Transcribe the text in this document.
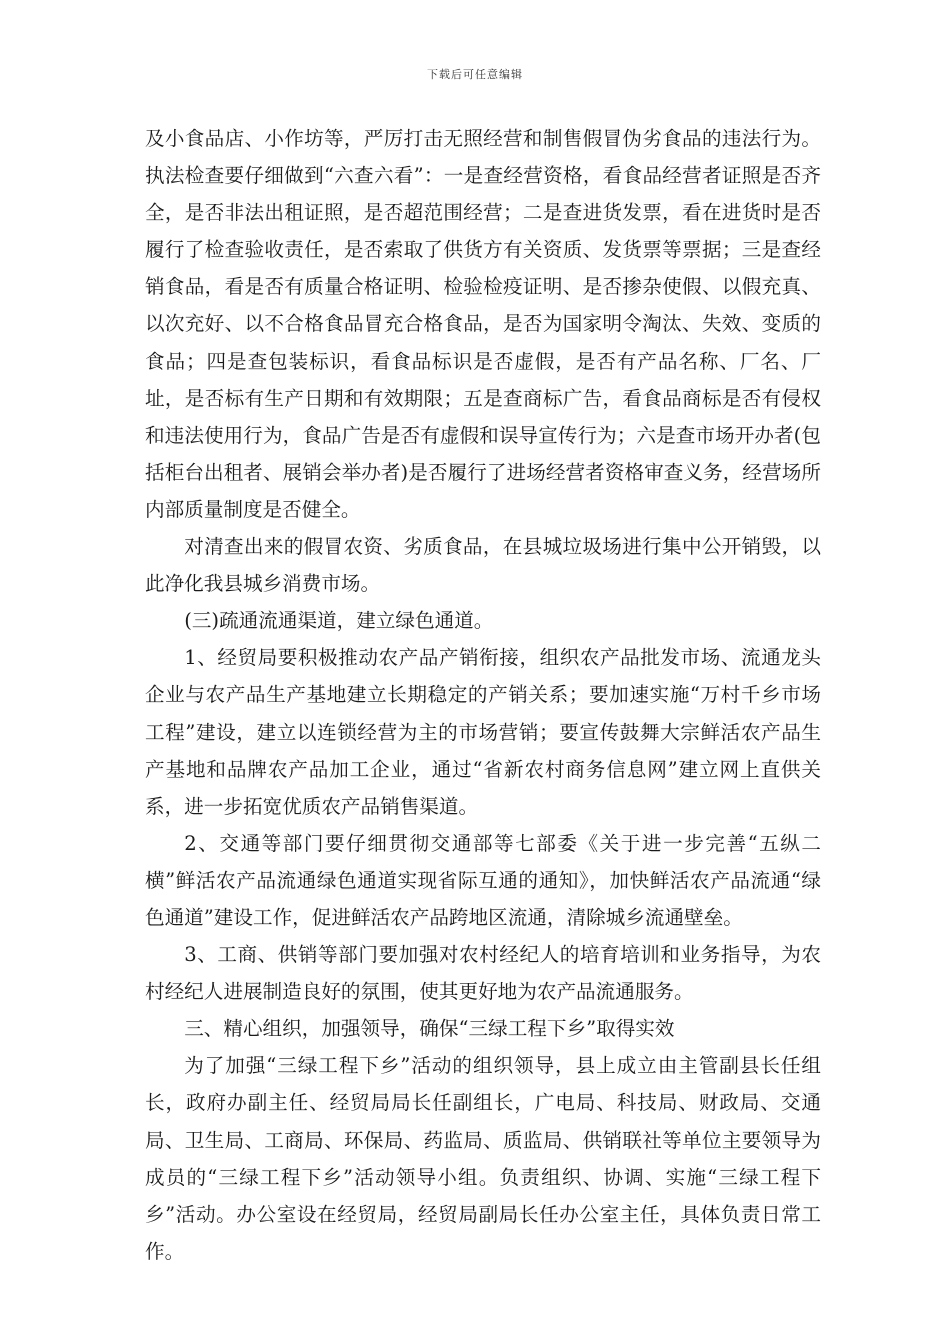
下载后可任意编辑

及小食品店、小作坊等，严厉打击无照经营和制售假冒伪劣食品的违法行为。执法检查要仔细做到“六查六看”：一是查经营资格，看食品经营者证照是否齐全，是否非法出租证照，是否超范围经营；二是查进货发票，看在进货时是否履行了检查验收责任，是否索取了供货方有关资质、发货票等票据；三是查经销食品，看是否有质量合格证明、检验检疫证明、是否掺杂使假、以假充真、以次充好、以不合格食品冒充合格食品，是否为国家明令淘汰、失效、变质的食品；四是查包装标识，看食品标识是否虚假，是否有产品名称、厂名、厂址，是否标有生产日期和有效期限；五是查商标广告，看食品商标是否有侵权和违法使用行为，食品广告是否有虚假和误导宣传行为；六是查市场开办者(包括柜台出租者、展销会举办者)是否履行了进场经营者资格审查义务，经营场所内部质量制度是否健全。

对清查出来的假冒农资、劣质食品，在县城垃圾场进行集中公开销毁，以此净化我县城乡消费市场。

(三)疏通流通渠道，建立绿色通道。

1、经贸局要积极推动农产品产销衔接，组织农产品批发市场、流通龙头企业与农产品生产基地建立长期稳定的产销关系；要加速实施“万村千乡市场工程”建设，建立以连锁经营为主的市场营销；要宣传鼓舞大宗鲜活农产品生产基地和品牌农产品加工企业，通过“省新农村商务信息网”建立网上直供关系，进一步拓宽优质农产品销售渠道。

2、交通等部门要仔细贯彻交通部等七部委《关于进一步完善“五纵二横”鲜活农产品流通绿色通道实现省际互通的通知》，加快鲜活农产品流通“绿色通道”建设工作，促进鲜活农产品跨地区流通，清除城乡流通壁垒。

3、工商、供销等部门要加强对农村经纪人的培育培训和业务指导，为农村经纪人进展制造良好的氛围，使其更好地为农产品流通服务。

三、精心组织，加强领导，确保“三绿工程下乡”取得实效

为了加强“三绿工程下乡”活动的组织领导，县上成立由主管副县长任组长，政府办副主任、经贸局局长任副组长，广电局、科技局、财政局、交通局、卫生局、工商局、环保局、药监局、质监局、供销联社等单位主要领导为成员的“三绿工程下乡”活动领导小组。负责组织、协调、实施“三绿工程下乡”活动。办公室设在经贸局，经贸局副局长任办公室主任，具体负责日常工作。
